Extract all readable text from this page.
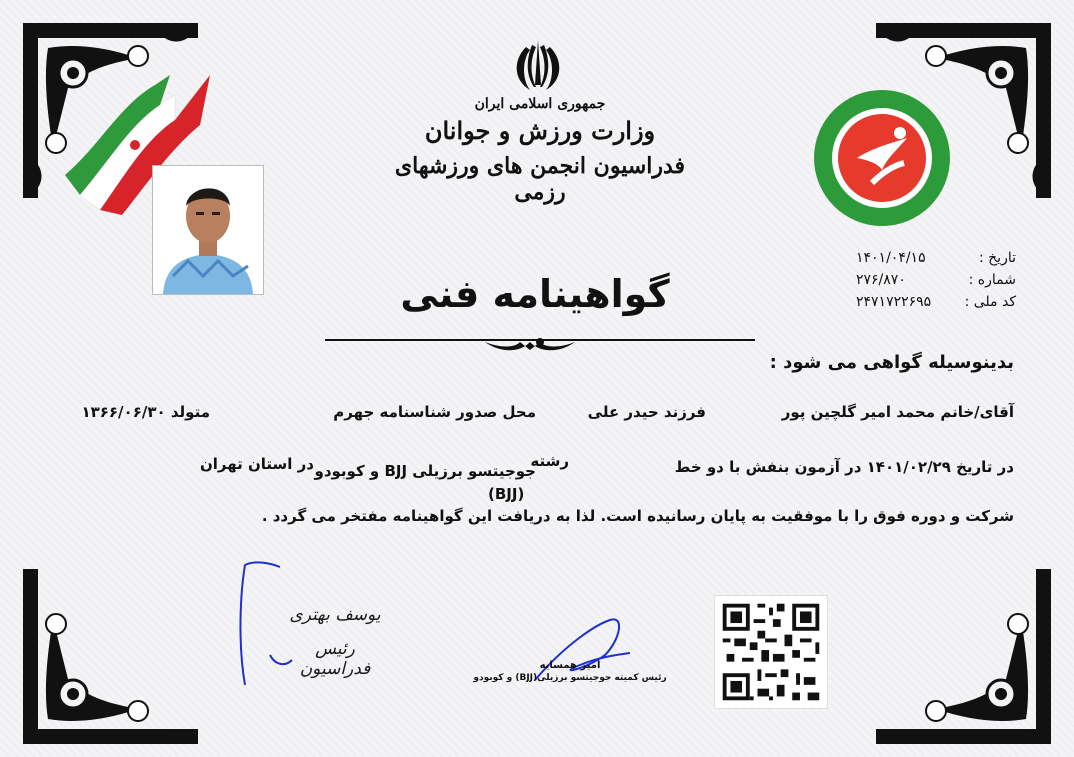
جمهوری اسلامی ایران
وزارت ورزش و جوانان
فدراسیون انجمن های ورزشهای رزمی
گواهینامه فنی
تاریخ :
۱۴۰۱/۰۴/۱۵
شماره :
۲۷۶/۸۷۰
کد ملی :
۲۴۷۱۷۲۲۶۹۵
بدینوسیله گواهی می شود :
آقای/خانم محمد امیر گلچین پور
فرزند حیدر علی
محل صدور شناسنامه جهرم
متولد ۱۳۶۶/۰۶/۳۰
در تاریخ ۱۴۰۱/۰۲/۲۹ در آزمون بنفش با دو خط
رشته
جوجیتسو برزیلی BJJ و کوبودو
(BJJ)
در استان تهران
شرکت و دوره فوق را با موفقیت به پایان رسانیده است. لذا به دریافت این گواهینامه مفتخر می گردد .
یوسف بهتری
رئیس فدراسیون	امیر همسایه
رئیس کمیته جوجیتسو برزیلی(BJJ) و کوبودو
